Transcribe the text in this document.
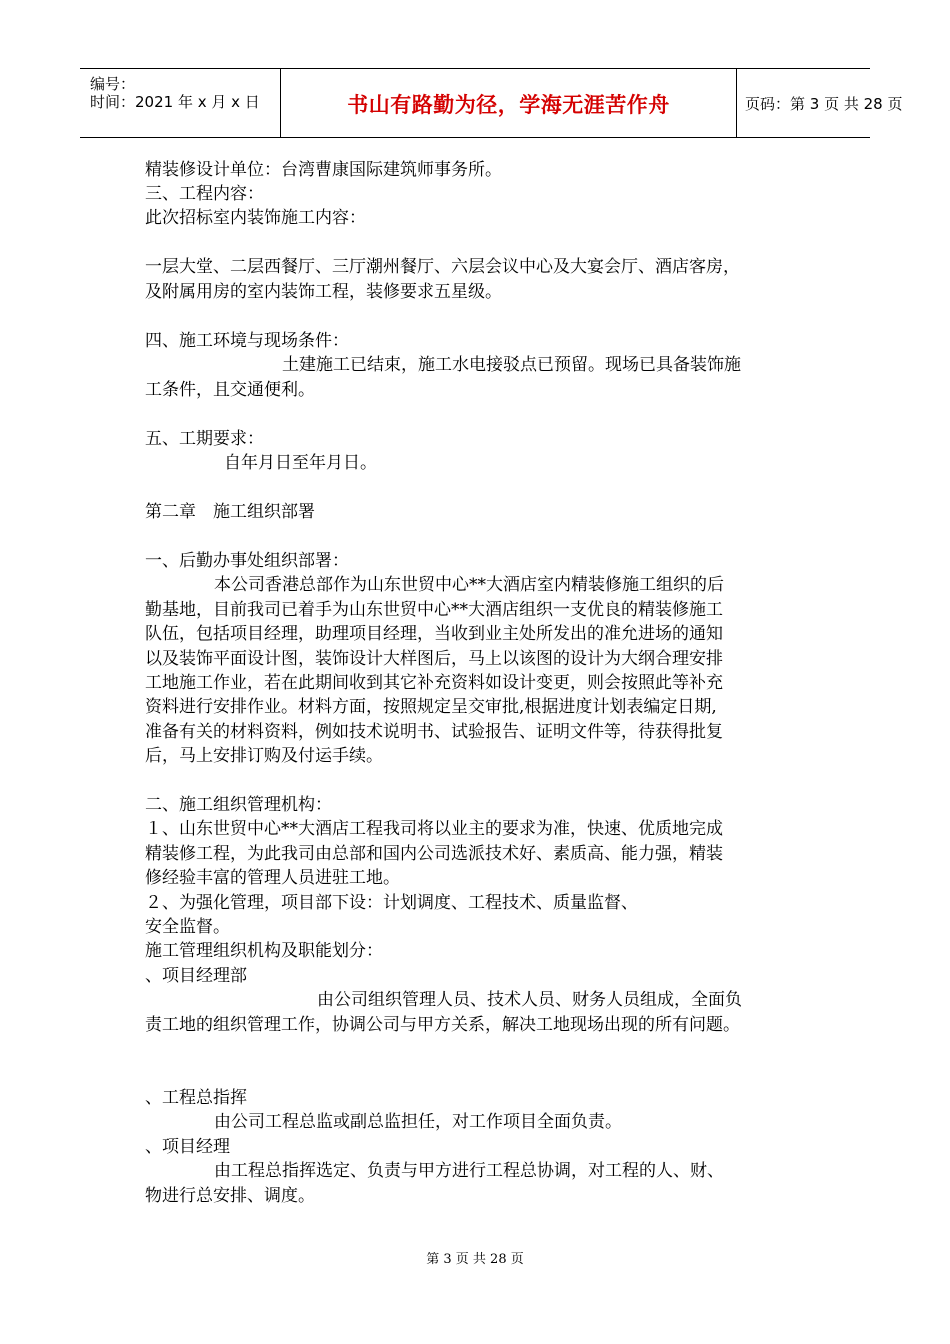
编号：
时间：2021 年 x 月 x 日	书山有路勤为径，学海无涯苦作舟	页码：第 3 页 共 28 页
精装修设计单位：台湾曹康国际建筑师事务所。
三、工程内容：
此次招标室内装饰施工内容：
一层大堂、二层西餐厅、三厅潮州餐厅、六层会议中心及大宴会厅、酒店客房，
及附属用房的室内装饰工程，装修要求五星级。
四、施工环境与现场条件：
土建施工已结束，施工水电接驳点已预留。现场已具备装饰施
工条件，且交通便利。
五、工期要求：
自年月日至年月日。
第二章　施工组织部署
一、后勤办事处组织部署：
本公司香港总部作为山东世贸中心**大酒店室内精装修施工组织的后
勤基地，目前我司已着手为山东世贸中心**大酒店组织一支优良的精装修施工
队伍，包括项目经理，助理项目经理，当收到业主处所发出的准允进场的通知
以及装饰平面设计图，装饰设计大样图后，马上以该图的设计为大纲合理安排
工地施工作业，若在此期间收到其它补充资料如设计变更，则会按照此等补充
资料进行安排作业。材料方面，按照规定呈交审批,根据进度计划表编定日期,
准备有关的材料资料，例如技术说明书、试验报告、证明文件等，待获得批复
后，马上安排订购及付运手续。
二、施工组织管理机构：
１、山东世贸中心**大酒店工程我司将以业主的要求为准，快速、优质地完成
精装修工程，为此我司由总部和国内公司选派技术好、素质高、能力强，精装
修经验丰富的管理人员进驻工地。
２、为强化管理，项目部下设：计划调度、工程技术、质量监督、
安全监督。
施工管理组织机构及职能划分：
、项目经理部
由公司组织管理人员、技术人员、财务人员组成，全面负
责工地的组织管理工作，协调公司与甲方关系，解决工地现场出现的所有问题。
、工程总指挥
由公司工程总监或副总监担任，对工作项目全面负责。
、项目经理
由工程总指挥选定、负责与甲方进行工程总协调，对工程的人、财、
物进行总安排、调度。
第 3 页 共 28 页
